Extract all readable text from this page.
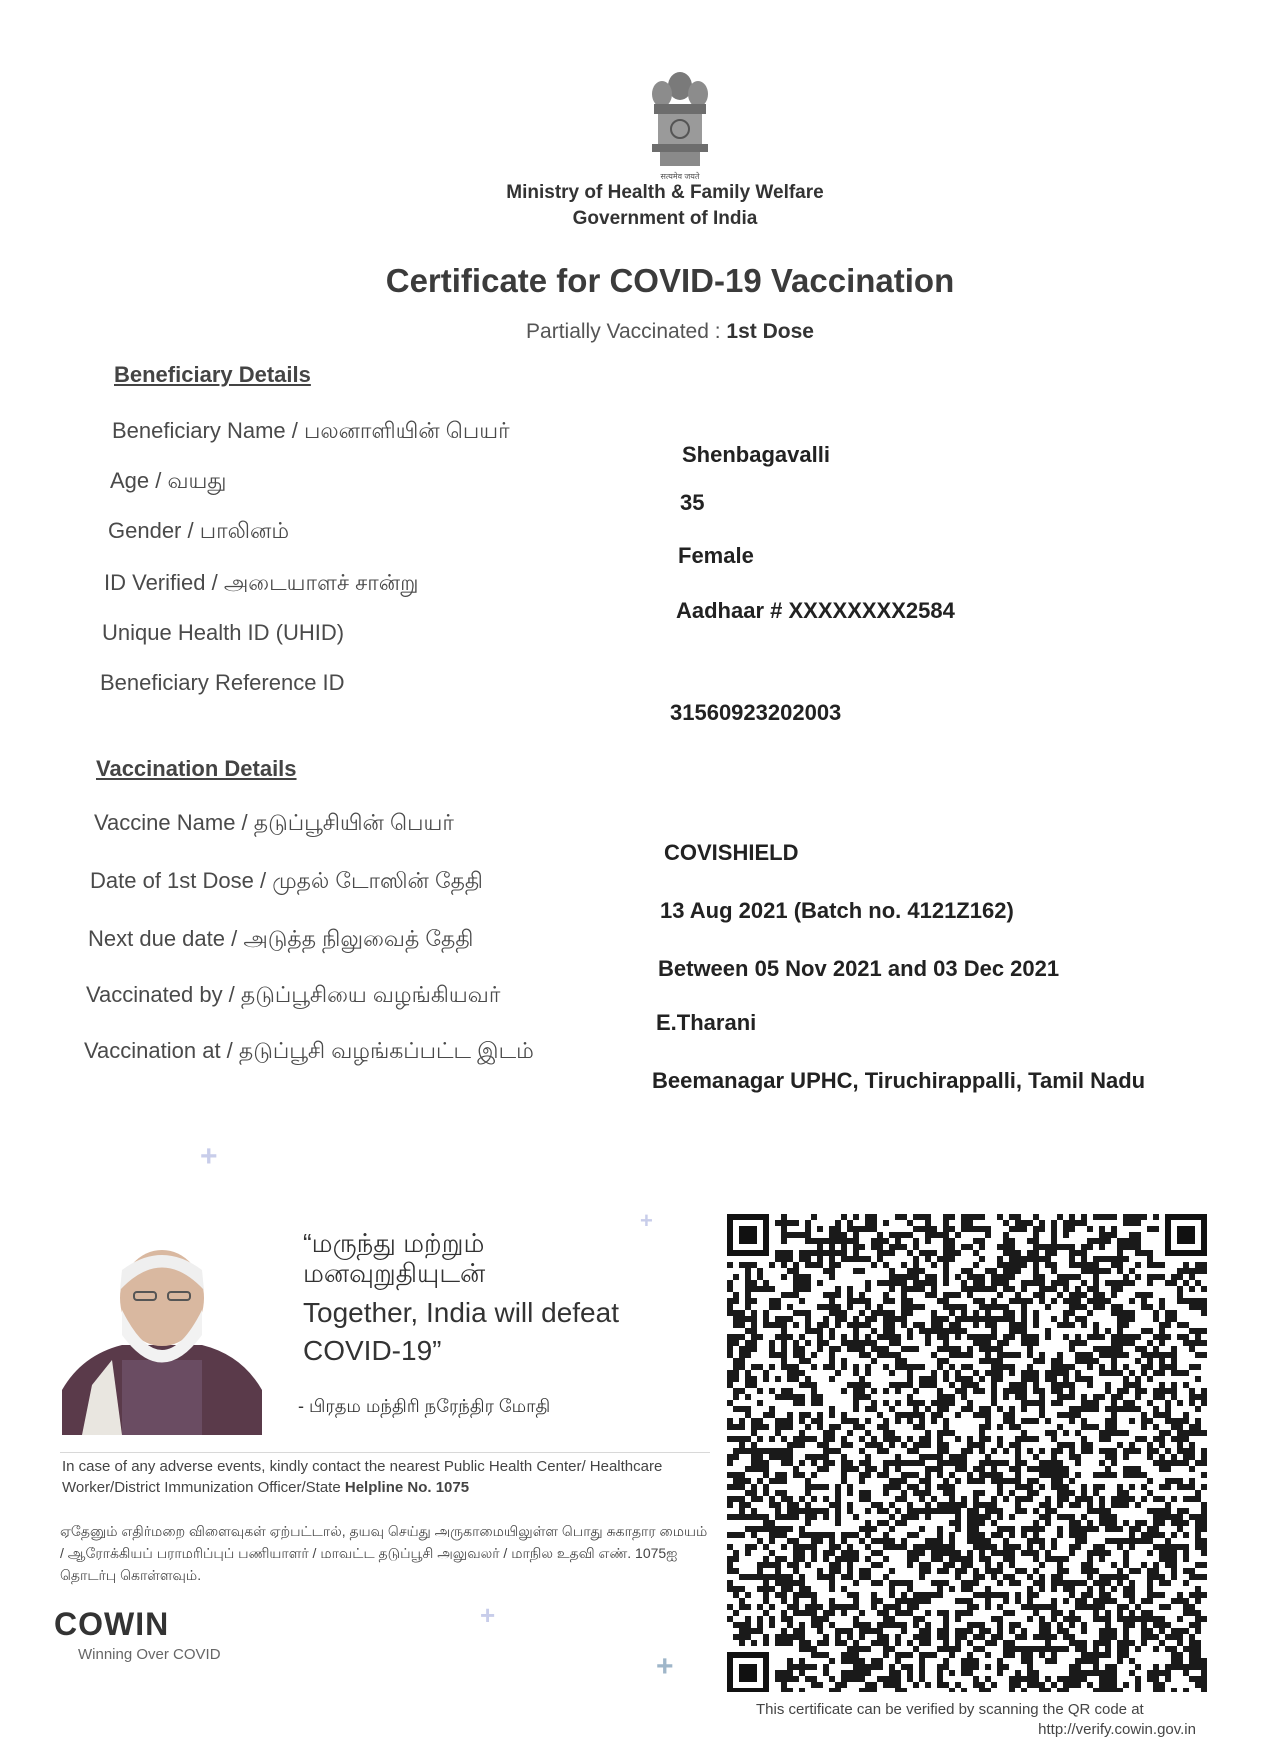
सत्यमेव जयते
Ministry of Health & Family Welfare
Government of India
Certificate for COVID-19 Vaccination
Partially Vaccinated : 1st Dose
Beneficiary Details
Beneficiary Name / பலனாளியின் பெயர்
Shenbagavalli
Age / வயது
35
Gender / பாலினம்
Female
ID Verified / அடையாளச் சான்று
Aadhaar # XXXXXXXX2584
Unique Health ID (UHID)
Beneficiary Reference ID
31560923202003
Vaccination Details
Vaccine Name / தடுப்பூசியின் பெயர்
COVISHIELD
Date of 1st Dose / முதல் டோஸின் தேதி
13 Aug 2021 (Batch no. 4121Z162)
Next due date / அடுத்த நிலுவைத் தேதி
Between 05 Nov 2021 and 03 Dec 2021
Vaccinated by / தடுப்பூசியை வழங்கியவர்
E.Tharani
Vaccination at / தடுப்பூசி வழங்கப்பட்ட இடம்
Beemanagar UPHC, Tiruchirappalli, Tamil Nadu
+
+
+
+
“மருந்து மற்றும்
மனவுறுதியுடன்
Together, India will defeat
COVID-19”
- பிரதம மந்திரி நரேந்திர மோதி
In case of any adverse events, kindly contact the nearest Public Health Center/ Healthcare Worker/District Immunization Officer/State Helpline No. 1075
ஏதேனும் எதிர்மறை விளைவுகள் ஏற்பட்டால், தயவு செய்து அருகாமையிலுள்ள பொது சுகாதார மையம் / ஆரோக்கியப் பராமரிப்புப் பணியாளர் / மாவட்ட தடுப்பூசி அலுவலர் / மாநில உதவி எண். 1075ஐ தொடர்பு கொள்ளவும்.
COWIN
Winning Over COVID
This certificate can be verified by scanning the QR code at
http://verify.cowin.gov.in
